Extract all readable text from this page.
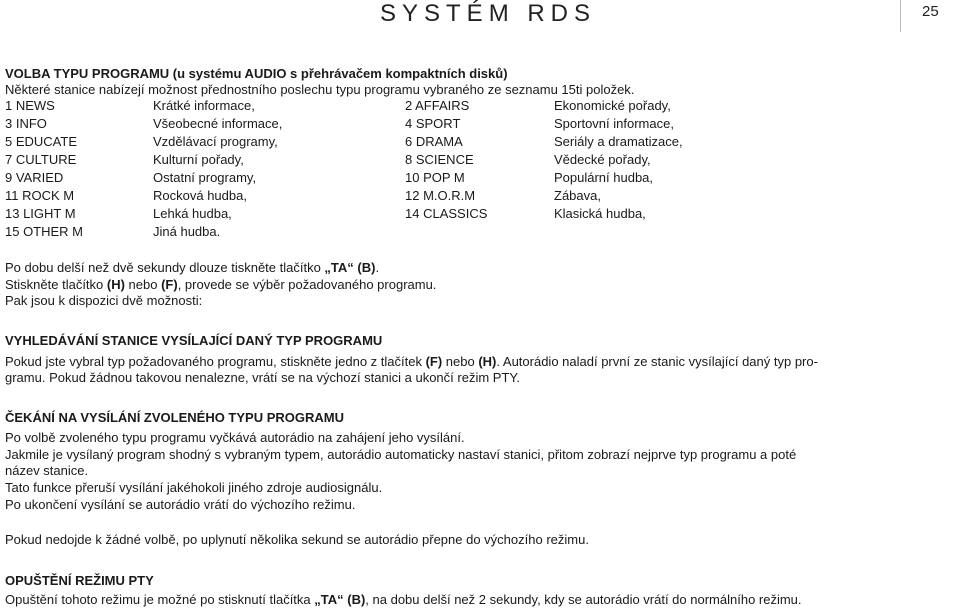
SYSTÉM RDS	25
VOLBA TYPU PROGRAMU (u systému AUDIO s přehrávačem kompaktních disků)
Některé stanice nabízejí možnost přednostního poslechu typu programu vybraného ze seznamu 15ti položek.
1 NEWS	Krátké informace,	2 AFFAIRS	Ekonomické pořady,
3 INFO	Všeobecné informace,	4 SPORT	Sportovní informace,
5 EDUCATE	Vzdělávací programy,	6 DRAMA	Seriály a dramatizace,
7 CULTURE	Kulturní pořady,	8 SCIENCE	Vědecké pořady,
9 VARIED	Ostatní programy,	10 POP M	Populární hudba,
11 ROCK M	Rocková hudba,	12 M.O.R.M	Zábava,
13 LIGHT M	Lehká hudba,	14 CLASSICS	Klasická hudba,
15 OTHER M	Jiná hudba.
Po dobu delší než dvě sekundy dlouze tiskněte tlačítko „TA“ (B).
Stiskněte tlačítko (H) nebo (F), provede se výběr požadovaného programu.
Pak jsou k dispozici dvě možnosti:
VYHLEDÁVÁNÍ STANICE VYSÍLAJÍCÍ DANÝ TYP PROGRAMU
Pokud jste vybral typ požadovaného programu, stiskněte jedno z tlačítek (F) nebo (H). Autorádio naladí první ze stanic vysílající daný typ pro-
gramu. Pokud žádnou takovou nenalezne, vrátí se na výchozí stanici a ukončí režim PTY.
ČEKÁNÍ NA VYSÍLÁNÍ ZVOLENÉHO TYPU PROGRAMU
Po volbě zvoleného typu programu vyčkává autorádio na zahájení jeho vysílání.
Jakmile je vysílaný program shodný s vybraným typem, autorádio automaticky nastaví stanici, přitom zobrazí nejprve typ programu a poté
název stanice.
Tato funkce přeruší vysílání jakéhokoli jiného zdroje audiosignálu.
Po ukončení vysílání se autorádio vrátí do výchozího režimu.
Pokud nedojde k žádné volbě, po uplynutí několika sekund se autorádio přepne do výchozího režimu.
OPUŠTĚNÍ REŽIMU PTY
Opuštění tohoto režimu je možné po stisknutí tlačítka „TA“ (B), na dobu delší než 2 sekundy, kdy se autorádio vrátí do normálního režimu.
